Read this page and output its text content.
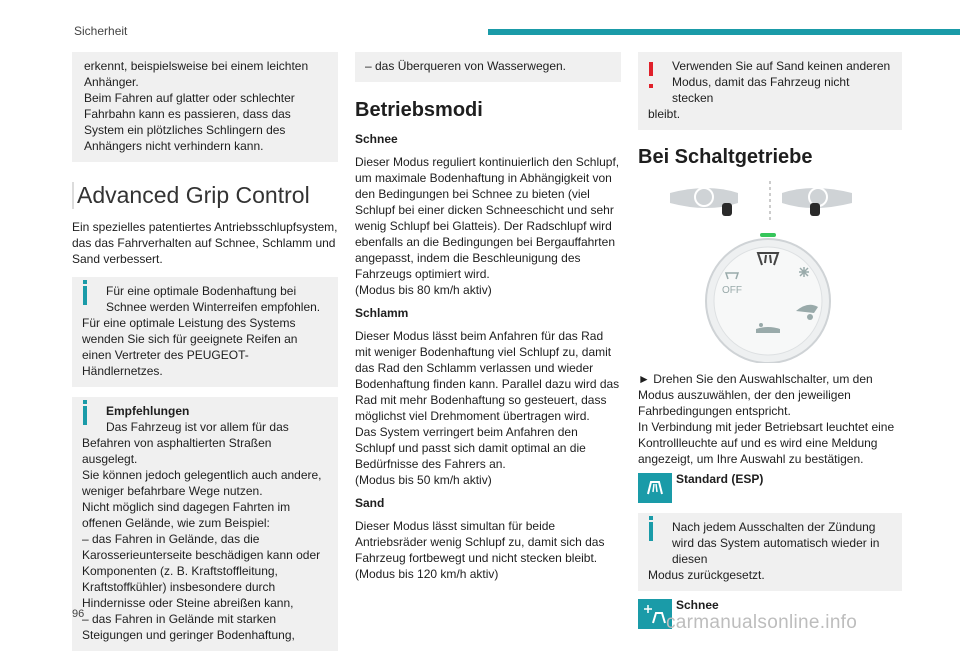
Sicherheit

erkennt, beispielsweise bei einem leichten Anhänger.

Beim Fahren auf glatter oder schlechter Fahrbahn kann es passieren, dass das System ein plötzliches Schlingern des Anhängers nicht verhindern kann.

Advanced Grip Control

Ein spezielles patentiertes Antriebsschlupfsystem, das das Fahrverhalten auf Schnee, Schlamm und Sand verbessert.

Für eine optimale Bodenhaftung bei Schnee werden Winterreifen empfohlen.

Für eine optimale Leistung des Systems wenden Sie sich für geeignete Reifen an einen Vertreter des PEUGEOT-Händlernetzes.

Empfehlungen

Das Fahrzeug ist vor allem für das

Befahren von asphaltierten Straßen ausgelegt.

Sie können jedoch gelegentlich auch andere, weniger befahrbare Wege nutzen.

Nicht möglich sind dagegen Fahrten im offenen Gelände, wie zum Beispiel:

– das Fahren in Gelände, das die Karosserieunterseite beschädigen kann oder Komponenten (z. B. Kraftstoffleitung, Kraftstoffkühler) insbesondere durch Hindernisse oder Steine abreißen kann,

– das Fahren in Gelände mit starken Steigungen und geringer Bodenhaftung,

– das Überqueren von Wasserwegen.

Betriebsmodi

Schnee

Dieser Modus reguliert kontinuierlich den Schlupf, um maximale Bodenhaftung in Abhängigkeit von den Bedingungen bei Schnee zu bieten (viel Schlupf bei einer dicken Schneeschicht und sehr wenig Schlupf bei Glatteis). Der Radschlupf wird ebenfalls an die Bedingungen bei Bergauffahrten angepasst, indem die Beschleunigung des Fahrzeugs optimiert wird.

(Modus bis 80 km/h aktiv)

Schlamm

Dieser Modus lässt beim Anfahren für das Rad mit weniger Bodenhaftung viel Schlupf zu, damit das Rad den Schlamm verlassen und wieder Bodenhaftung finden kann. Parallel dazu wird das Rad mit mehr Bodenhaftung so gesteuert, dass möglichst viel Drehmoment übertragen wird.

Das System verringert beim Anfahren den Schlupf und passt sich damit optimal an die Bedürfnisse des Fahrers an.

(Modus bis 50 km/h aktiv)

Sand

Dieser Modus lässt simultan für beide Antriebsräder wenig Schlupf zu, damit sich das Fahrzeug fortbewegt und nicht stecken bleibt.

(Modus bis 120 km/h aktiv)

Verwenden Sie auf Sand keinen anderen Modus, damit das Fahrzeug nicht stecken

bleibt.

Bei Schaltgetriebe
OFF

► Drehen Sie den Auswahlschalter, um den Modus auszuwählen, der den jeweiligen Fahrbedingungen entspricht.

In Verbindung mit jeder Betriebsart leuchtet eine Kontrollleuchte auf und es wird eine Meldung angezeigt, um Ihre Auswahl zu bestätigen.

Standard (ESP)

Nach jedem Ausschalten der Zündung wird das System automatisch wieder in diesen

Modus zurückgesetzt.

Schnee
96	carmanualsonline.info
